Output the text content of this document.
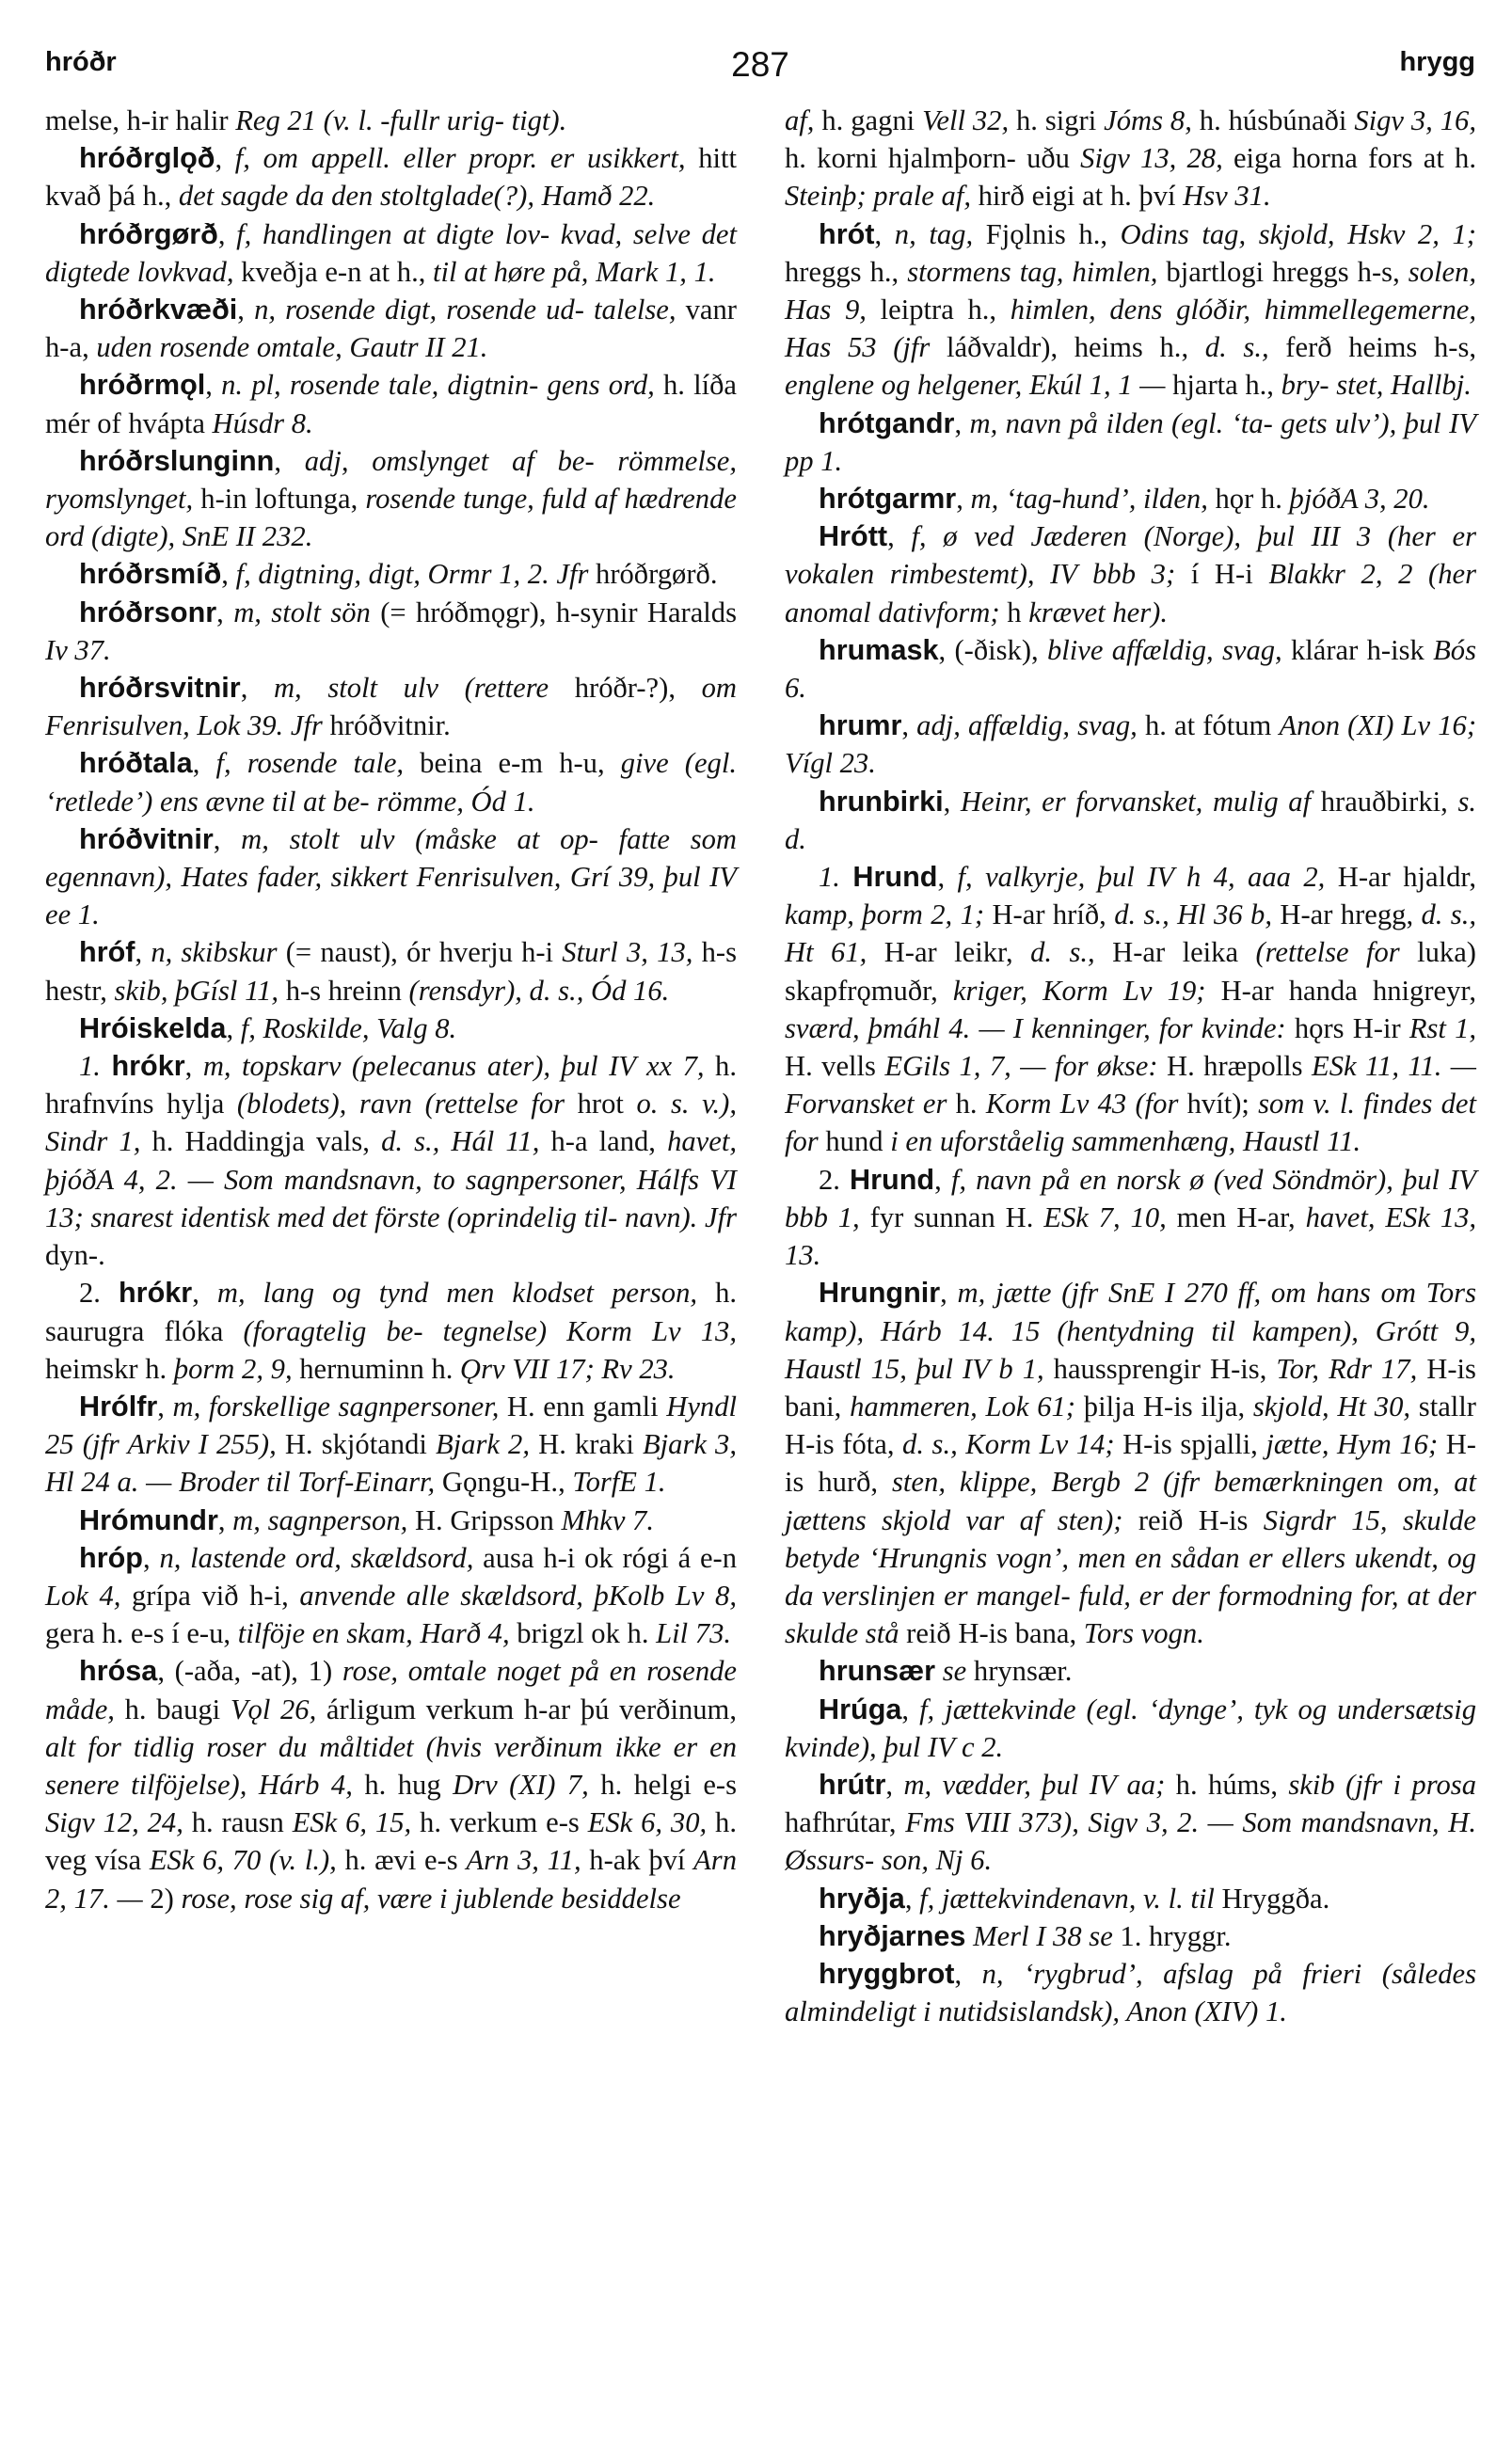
hróðr	287	hrygg

melse, h-ir halir Reg 21 (v. l. -fullr urig- tigt).

hróðrglǫð, f, om appell. eller propr. er usikkert, hitt kvað þá h., det sagde da den stoltglade(?), Hamð 22.

hróðrgørð, f, handlingen at digte lov- kvad, selve det digtede lovkvad, kveðja e-n at h., til at høre på, Mark 1, 1.

hróðrkvæði, n, rosende digt, rosende ud- talelse, vanr h-a, uden rosende omtale, Gautr II 21.

hróðrmǫl, n. pl, rosende tale, digtnin- gens ord, h. líða mér of hvápta Húsdr 8.

hróðrslunginn, adj, omslynget af be- römmelse, ryomslynget, h-in loftunga, rosende tunge, fuld af hædrende ord (digte), SnE II 232.

hróðrsmíð, f, digtning, digt, Ormr 1, 2. Jfr hróðrgørð.

hróðrsonr, m, stolt sön (= hróðmǫgr), h-synir Haralds Iv 37.

hróðrsvitnir, m, stolt ulv (rettere hróðr-?), om Fenrisulven, Lok 39. Jfr hróðvitnir.

hróðtala, f, rosende tale, beina e-m h-u, give (egl. ‘retlede’) ens ævne til at be- römme, Ód 1.

hróðvitnir, m, stolt ulv (måske at op- fatte som egennavn), Hates fader, sikkert Fenrisulven, Grí 39, þul IV ee 1.

hróf, n, skibskur (= naust), ór hverju h-i Sturl 3, 13, h-s hestr, skib, þGísl 11, h-s hreinn (rensdyr), d. s., Ód 16.

Hróiskelda, f, Roskilde, Valg 8.

1. hrókr, m, topskarv (pelecanus ater), þul IV xx 7, h. hrafnvíns hylja (blodets), ravn (rettelse for hrot o. s. v.), Sindr 1, h. Haddingja vals, d. s., Hál 11, h-a land, havet, þjóðA 4, 2. — Som mandsnavn, to sagnpersoner, Hálfs VI 13; snarest identisk med det förste (oprindelig til- navn). Jfr dyn-.

2. hrókr, m, lang og tynd men klodset person, h. saurugra flóka (foragtelig be- tegnelse) Korm Lv 13, heimskr h. þorm 2, 9, hernuminn h. Ǫrv VII 17; Rv 23.

Hrólfr, m, forskellige sagnpersoner, H. enn gamli Hyndl 25 (jfr Arkiv I 255), H. skjótandi Bjark 2, H. kraki Bjark 3, Hl 24 a. — Broder til Torf-Einarr, Gǫngu-H., TorfE 1.

Hrómundr, m, sagnperson, H. Gripsson Mhkv 7.

hróp, n, lastende ord, skældsord, ausa h-i ok rógi á e-n Lok 4, grípa við h-i, anvende alle skældsord, þKolb Lv 8, gera h. e-s í e-u, tilföje en skam, Harð 4, brigzl ok h. Lil 73.

hrósa, (-aða, -at), 1) rose, omtale noget på en rosende måde, h. baugi Vǫl 26, árligum verkum h-ar þú verðinum, alt for tidlig roser du måltidet (hvis verðinum ikke er en senere tilföjelse), Hárb 4, h. hug Drv (XI) 7, h. helgi e-s Sigv 12, 24, h. rausn ESk 6, 15, h. verkum e-s ESk 6, 30, h. veg vísa ESk 6, 70 (v. l.), h. ævi e-s Arn 3, 11, h-ak því Arn 2, 17. — 2) rose, rose sig af, være i jublende besiddelse

af, h. gagni Vell 32, h. sigri Jóms 8, h. húsbúnaði Sigv 3, 16, h. korni hjalmþorn- uðu Sigv 13, 28, eiga horna fors at h. Steinþ; prale af, hirð eigi at h. því Hsv 31.

hrót, n, tag, Fjǫlnis h., Odins tag, skjold, Hskv 2, 1; hreggs h., stormens tag, himlen, bjartlogi hreggs h-s, solen, Has 9, leiptra h., himlen, dens glóðir, himmellegemerne, Has 53 (jfr láðvaldr), heims h., d. s., ferð heims h-s, englene og helgener, Ekúl 1, 1 — hjarta h., bry- stet, Hallbj.

hrótgandr, m, navn på ilden (egl. ‘ta- gets ulv’), þul IV pp 1.

hrótgarmr, m, ‘tag-hund’, ilden, hǫr h. þjóðA 3, 20.

Hrótt, f, ø ved Jæderen (Norge), þul III 3 (her er vokalen rimbestemt), IV bbb 3; í H-i Blakkr 2, 2 (her anomal dativform; h krævet her).

hrumask, (-ðisk), blive affældig, svag, klárar h-isk Bós 6.

hrumr, adj, affældig, svag, h. at fótum Anon (XI) Lv 16; Vígl 23.

hrunbirki, Heinr, er forvansket, mulig af hrauðbirki, s. d.

1. Hrund, f, valkyrje, þul IV h 4, aaa 2, H-ar hjaldr, kamp, þorm 2, 1; H-ar hríð, d. s., Hl 36 b, H-ar hregg, d. s., Ht 61, H-ar leikr, d. s., H-ar leika (rettelse for luka) skapfrǫmuðr, kriger, Korm Lv 19; H-ar handa hnigreyr, sværd, þmáhl 4. — I kenninger, for kvinde: hǫrs H-ir Rst 1, H. vells EGils 1, 7, — for økse: H. hræpolls ESk 11, 11. — Forvansket er h. Korm Lv 43 (for hvít); som v. l. findes det for hund i en uforståelig sammenhæng, Haustl 11.

2. Hrund, f, navn på en norsk ø (ved Söndmör), þul IV bbb 1, fyr sunnan H. ESk 7, 10, men H-ar, havet, ESk 13, 13.

Hrungnir, m, jætte (jfr SnE I 270 ff, om hans om Tors kamp), Hárb 14. 15 (hentydning til kampen), Grótt 9, Haustl 15, þul IV b 1, haussprengir H-is, Tor, Rdr 17, H-is bani, hammeren, Lok 61; þilja H-is ilja, skjold, Ht 30, stallr H-is fóta, d. s., Korm Lv 14; H-is spjalli, jætte, Hym 16; H-is hurð, sten, klippe, Bergb 2 (jfr bemærkningen om, at jættens skjold var af sten); reið H-is Sigrdr 15, skulde betyde ‘Hrungnis vogn’, men en sådan er ellers ukendt, og da verslinjen er mangel- fuld, er der formodning for, at der skulde stå reið H-is bana, Tors vogn.

hrunsær se hrynsær.

Hrúga, f, jættekvinde (egl. ‘dynge’, tyk og undersætsig kvinde), þul IV c 2.

hrútr, m, vædder, þul IV aa; h. húms, skib (jfr i prosa hafhrútar, Fms VIII 373), Sigv 3, 2. — Som mandsnavn, H. Øssurs- son, Nj 6.

hryðja, f, jættekvindenavn, v. l. til Hryggða.

hryðjarnes Merl I 38 se 1. hryggr.

hryggbrot, n, ‘rygbrud’, afslag på frieri (således almindeligt i nutidsislandsk), Anon (XIV) 1.
